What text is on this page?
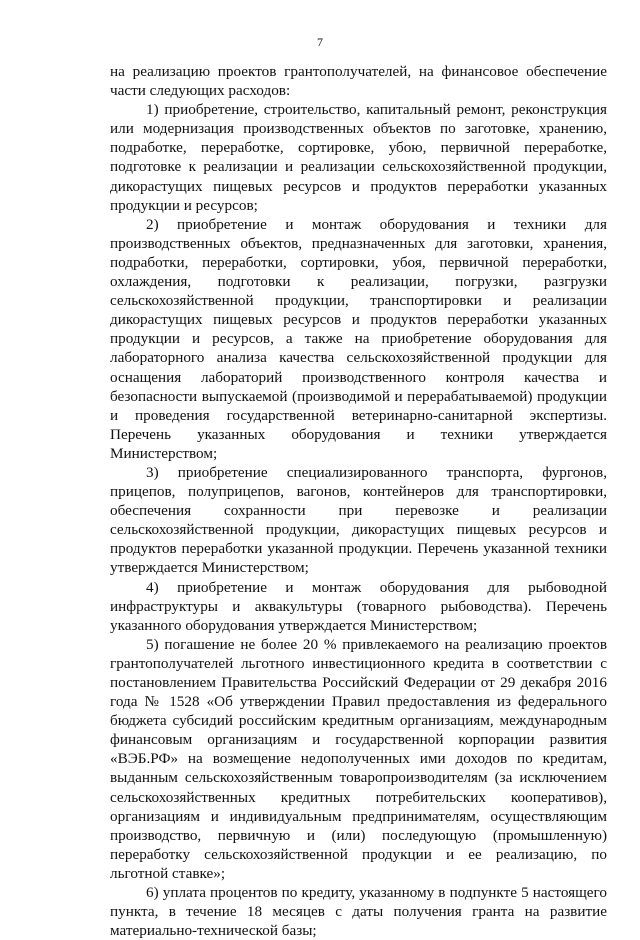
7

на реализацию проектов грантополучателей, на финансовое обеспечение части следующих расходов:

1) приобретение, строительство, капитальный ремонт, реконструкция или модернизация производственных объектов по заготовке, хранению, подработке, переработке, сортировке, убою, первичной переработке, подготовке к реализации и реализации сельскохозяйственной продукции, дикорастущих пищевых ресурсов и продуктов переработки указанных продукции и ресурсов;

2) приобретение и монтаж оборудования и техники для производственных объектов, предназначенных для заготовки, хранения, подработки, переработки, сортировки, убоя, первичной переработки, охлаждения, подготовки к реализации, погрузки, разгрузки сельскохозяйственной продукции, транспортировки и реализации дикорастущих пищевых ресурсов и продуктов переработки указанных продукции и ресурсов, а также на приобретение оборудования для лабораторного анализа качества сельскохозяйственной продукции для оснащения лабораторий производственного контроля качества и безопасности выпускаемой (производимой и перерабатываемой) продукции и проведения государственной ветеринарно-санитарной экспертизы. Перечень указанных оборудования и техники утверждается Министерством;

3) приобретение специализированного транспорта, фургонов, прицепов, полуприцепов, вагонов, контейнеров для транспортировки, обеспечения сохранности при перевозке и реализации сельскохозяйственной продукции, дикорастущих пищевых ресурсов и продуктов переработки указанной продукции. Перечень указанной техники утверждается Министерством;

4) приобретение и монтаж оборудования для рыбоводной инфраструктуры и аквакультуры (товарного рыбоводства). Перечень указанного оборудования утверждается Министерством;

5) погашение не более 20 % привлекаемого на реализацию проектов грантополучателей льготного инвестиционного кредита в соответствии с постановлением Правительства Российский Федерации от 29 декабря 2016 года № 1528 «Об утверждении Правил предоставления из федерального бюджета субсидий российским кредитным организациям, международным финансовым организациям и государственной корпорации развития «ВЭБ.РФ» на возмещение недополученных ими доходов по кредитам, выданным сельскохозяйственным товаропроизводителям (за исключением сельскохозяйственных кредитных потребительских кооперативов), организациям и индивидуальным предпринимателям, осуществляющим производство, первичную и (или) последующую (промышленную) переработку сельскохозяйственной продукции и ее реализацию, по льготной ставке»;

6) уплата процентов по кредиту, указанному в подпункте 5 настоящего пункта, в течение 18 месяцев с даты получения гранта на развитие материально-технической базы;
